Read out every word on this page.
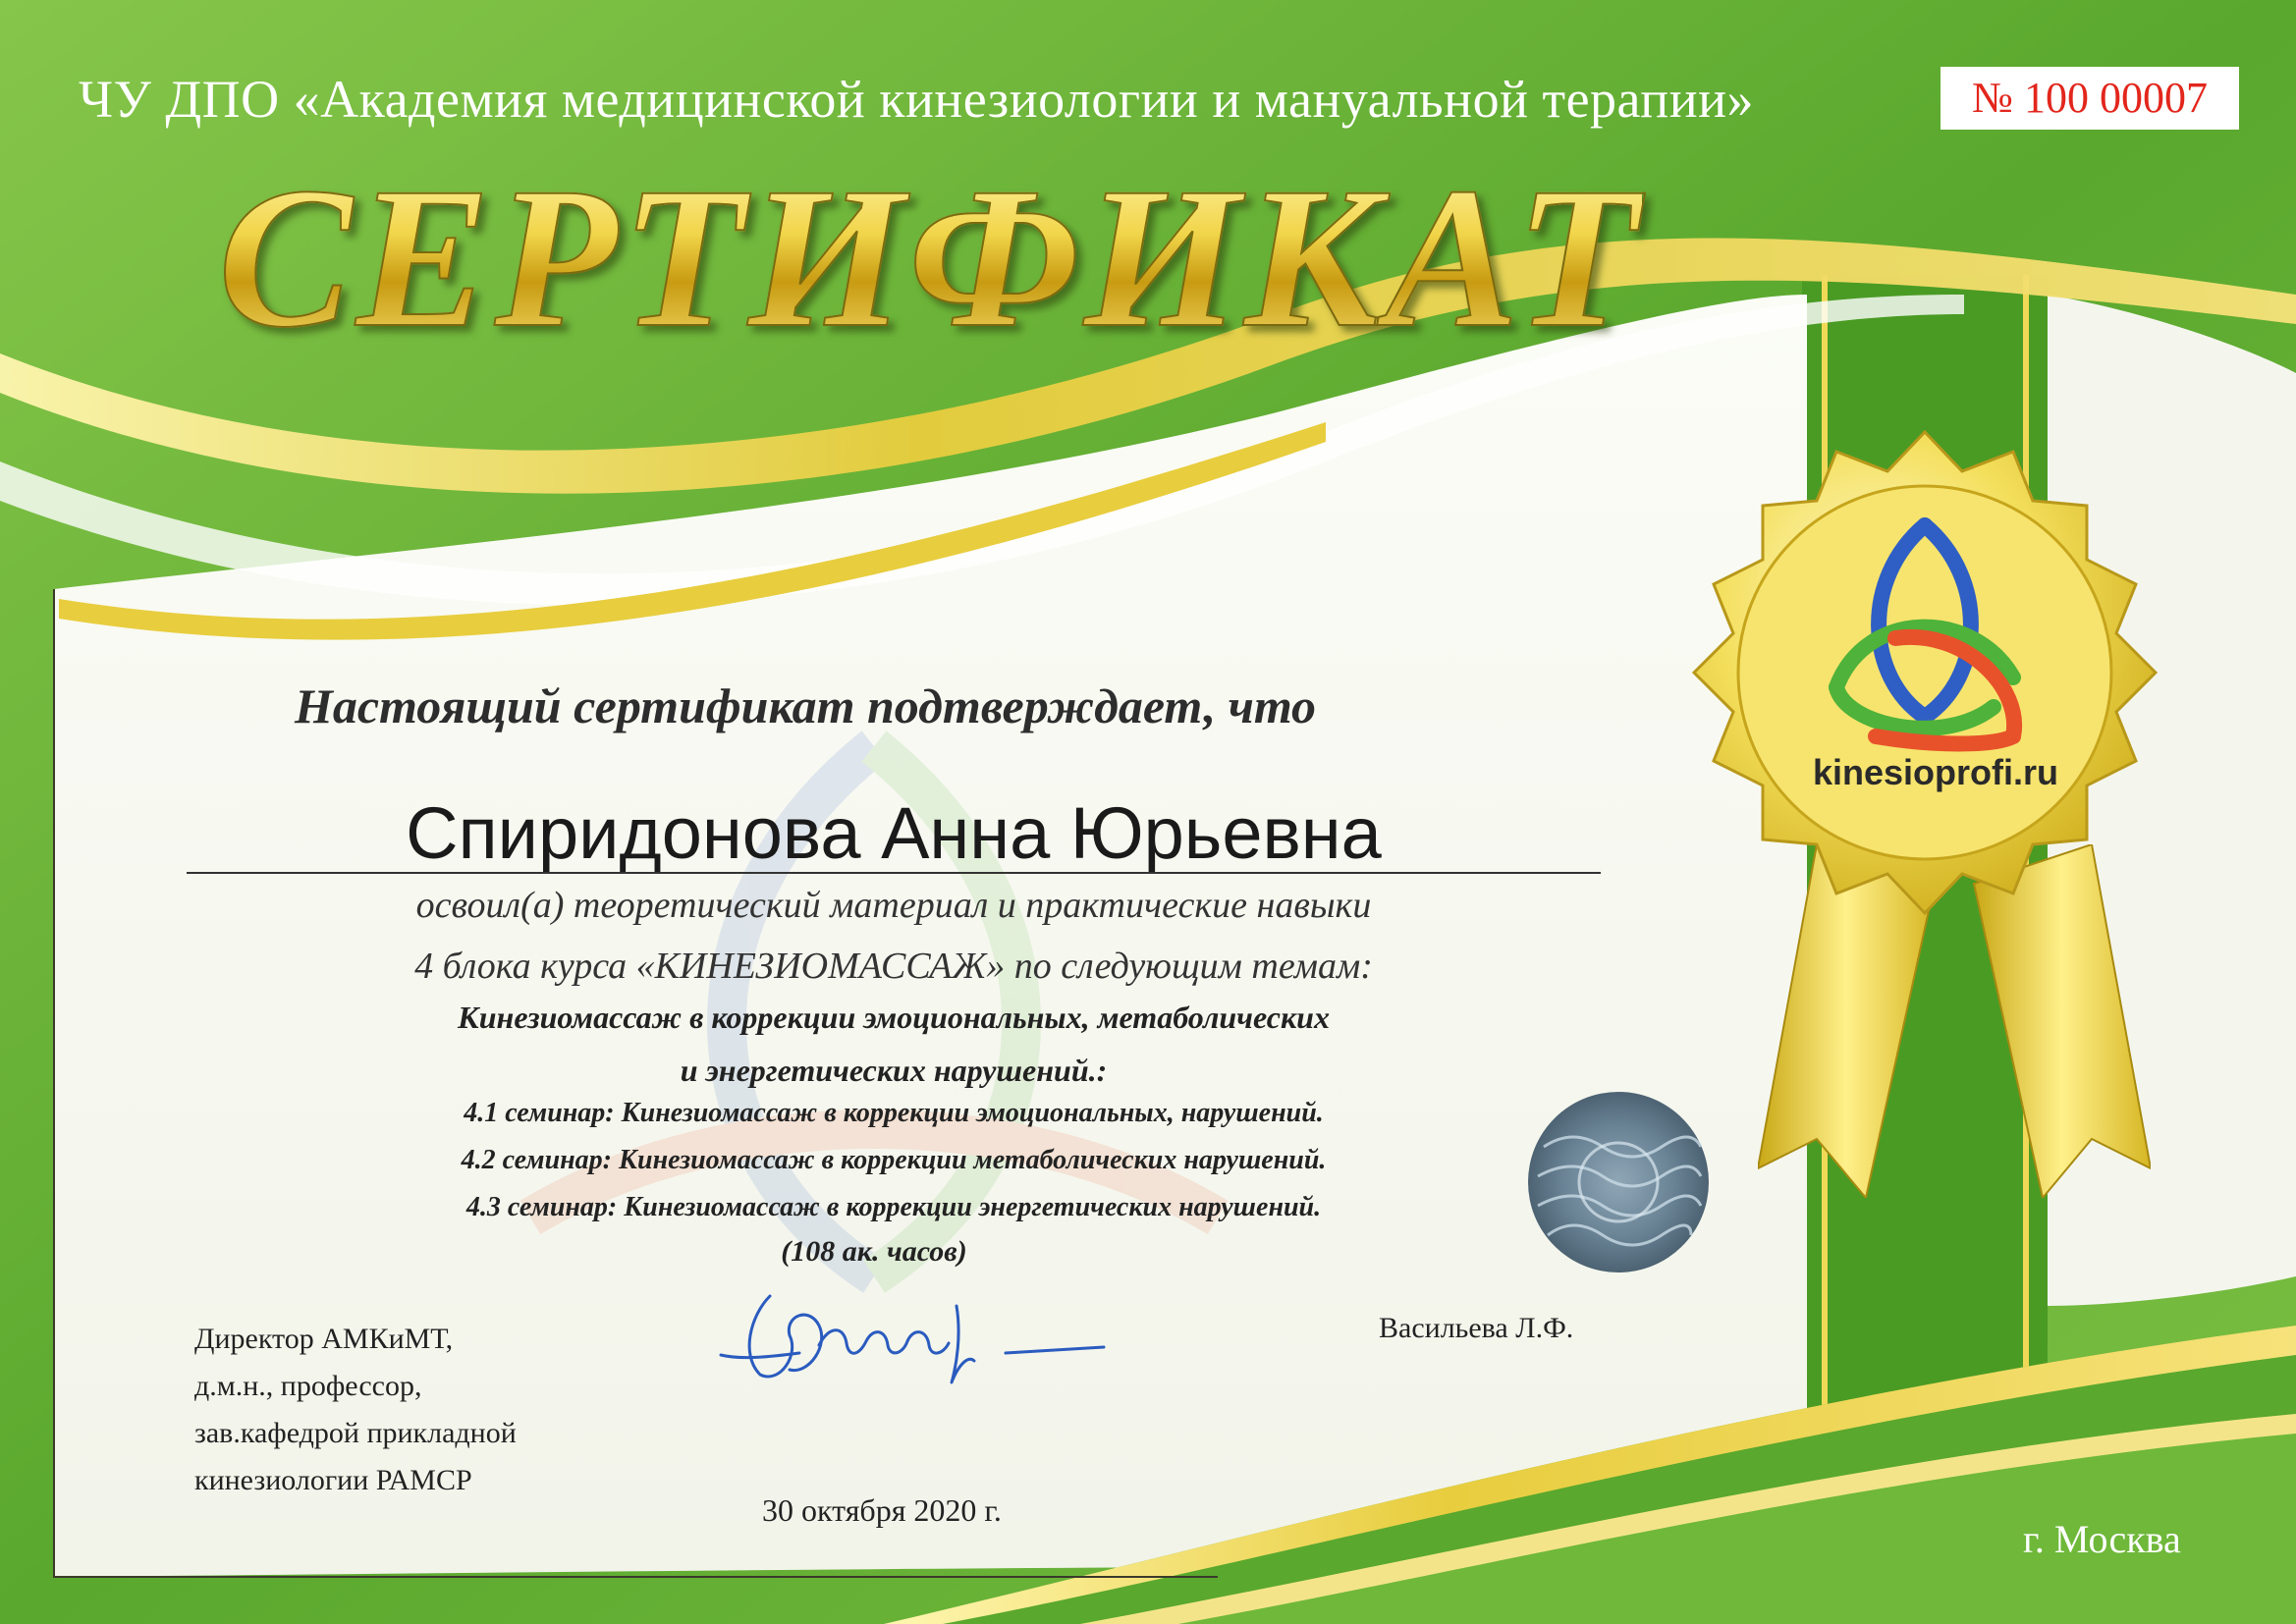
ЧУ ДПО «Академия медицинской кинезиологии и мануальной терапии»	№ 100 00007
СЕРТИФИКАТ
kinesioprofi.ru
Настоящий сертификат подтверждает, что
Спиридонова Анна Юрьевна
освоил(а) теоретический материал и практические навыки
4 блока курса «КИНЕЗИОМАССАЖ» по следующим темам:
Кинезиомассаж в коррекции эмоциональных, метаболических
и энергетических нарушений.:
4.1 семинар: Кинезиомассаж в коррекции эмоциональных, нарушений.
4.2 семинар: Кинезиомассаж в коррекции метаболических нарушений.
4.3 семинар: Кинезиомассаж в коррекции энергетических нарушений.
(108 ак. часов)
Директор АМКиМТ,
д.м.н., профессор,
зав.кафедрой прикладной
кинезиологии РАМСР
Васильева Л.Ф.
30 октября 2020 г.
г. Москва
